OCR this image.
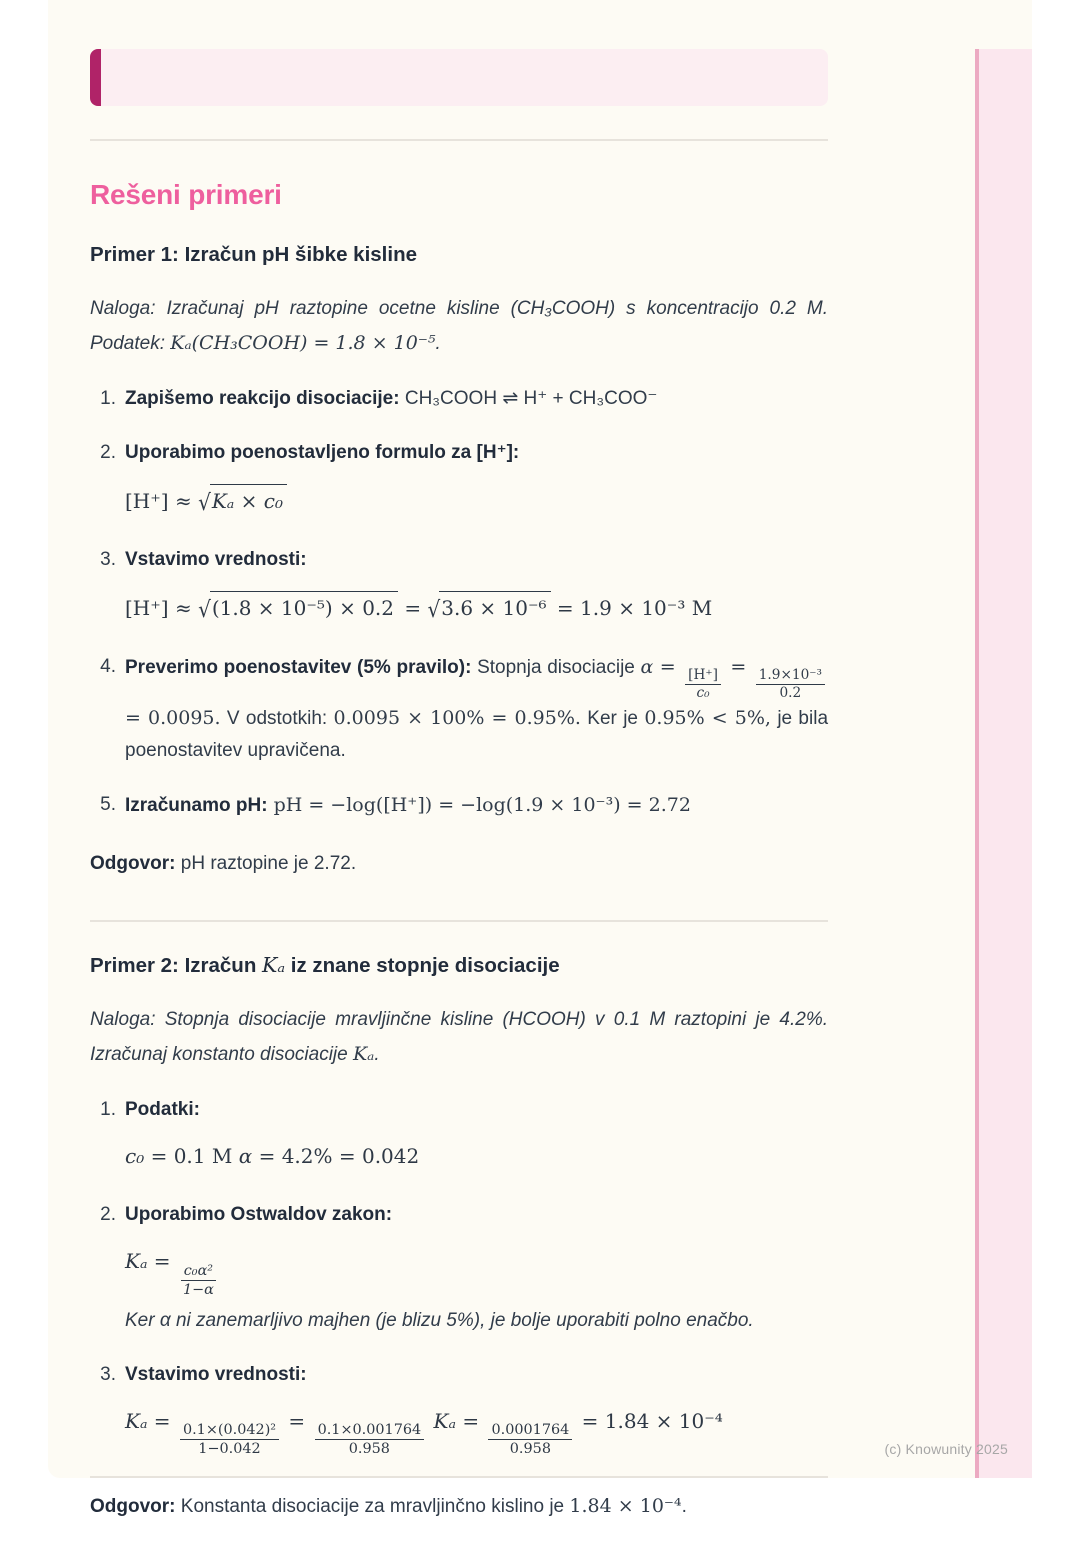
Rešeni primeri
Primer 1: Izračun pH šibke kisline

Naloga: Izračunaj pH raztopine ocetne kisline (CH₃COOH) s koncentracijo 0.2 M. Podatek: Kₐ(CH₃COOH) = 1.8 × 10⁻⁵.

1. Zapišemo reakcijo disociacije: CH₃COOH ⇌ H⁺ + CH₃COO⁻
2. Uporabimo poenostavljeno formulo za [H⁺]:
[H⁺] ≈ √Kₐ × c₀
3. Vstavimo vrednosti:
[H⁺] ≈ √(1.8 × 10⁻⁵) × 0.2 = √3.6 × 10⁻⁶ = 1.9 × 10⁻³ M
4. Preverimo poenostavitev (5% pravilo): Stopnja disociacije α =
$\frac{[H^+]}{\text{c₀}}$
=
$\frac{\text{1.9×10⁻³}}{0.2}$
= 0.0095. V odstotkih: 0.0095 × 100% = 0.95%. Ker je 0.95% < 5%, je bila poenostavitev upravičena.
5. Izračunamo pH: pH = −log([H⁺]) = −log(1.9 × 10⁻³) = 2.72

Odgovor: pH raztopine je 2.72.

Primer 2: Izračun Kₐ iz znane stopnje disociacije

Naloga: Stopnja disociacije mravljinčne kisline (HCOOH) v 0.1 M raztopini je 4.2%. Izračunaj konstanto disociacije Kₐ.

1. Podatki:
c₀ = 0.1 M α = 4.2% = 0.042
2. Uporabimo Ostwaldov zakon:
Kₐ =
$\frac{\text{c₀α²}}{1-\alpha}$
Ker α ni zanemarljivo majhen (je blizu 5%), je bolje uporabiti polno enačbo.
3. Vstavimo vrednosti:
Kₐ =
$\frac{\text{0.1×(0.042)²}}{1-0.042}$
=
$\frac{0.1\times 0.001764}{0.958}$
Kₐ =
$\frac{0.0001764}{0.958}$
= 1.84 × 10⁻⁴

Odgovor: Konstanta disociacije za mravljinčno kislino je 1.84 × 10⁻⁴.

(c) Knowunity 2025
